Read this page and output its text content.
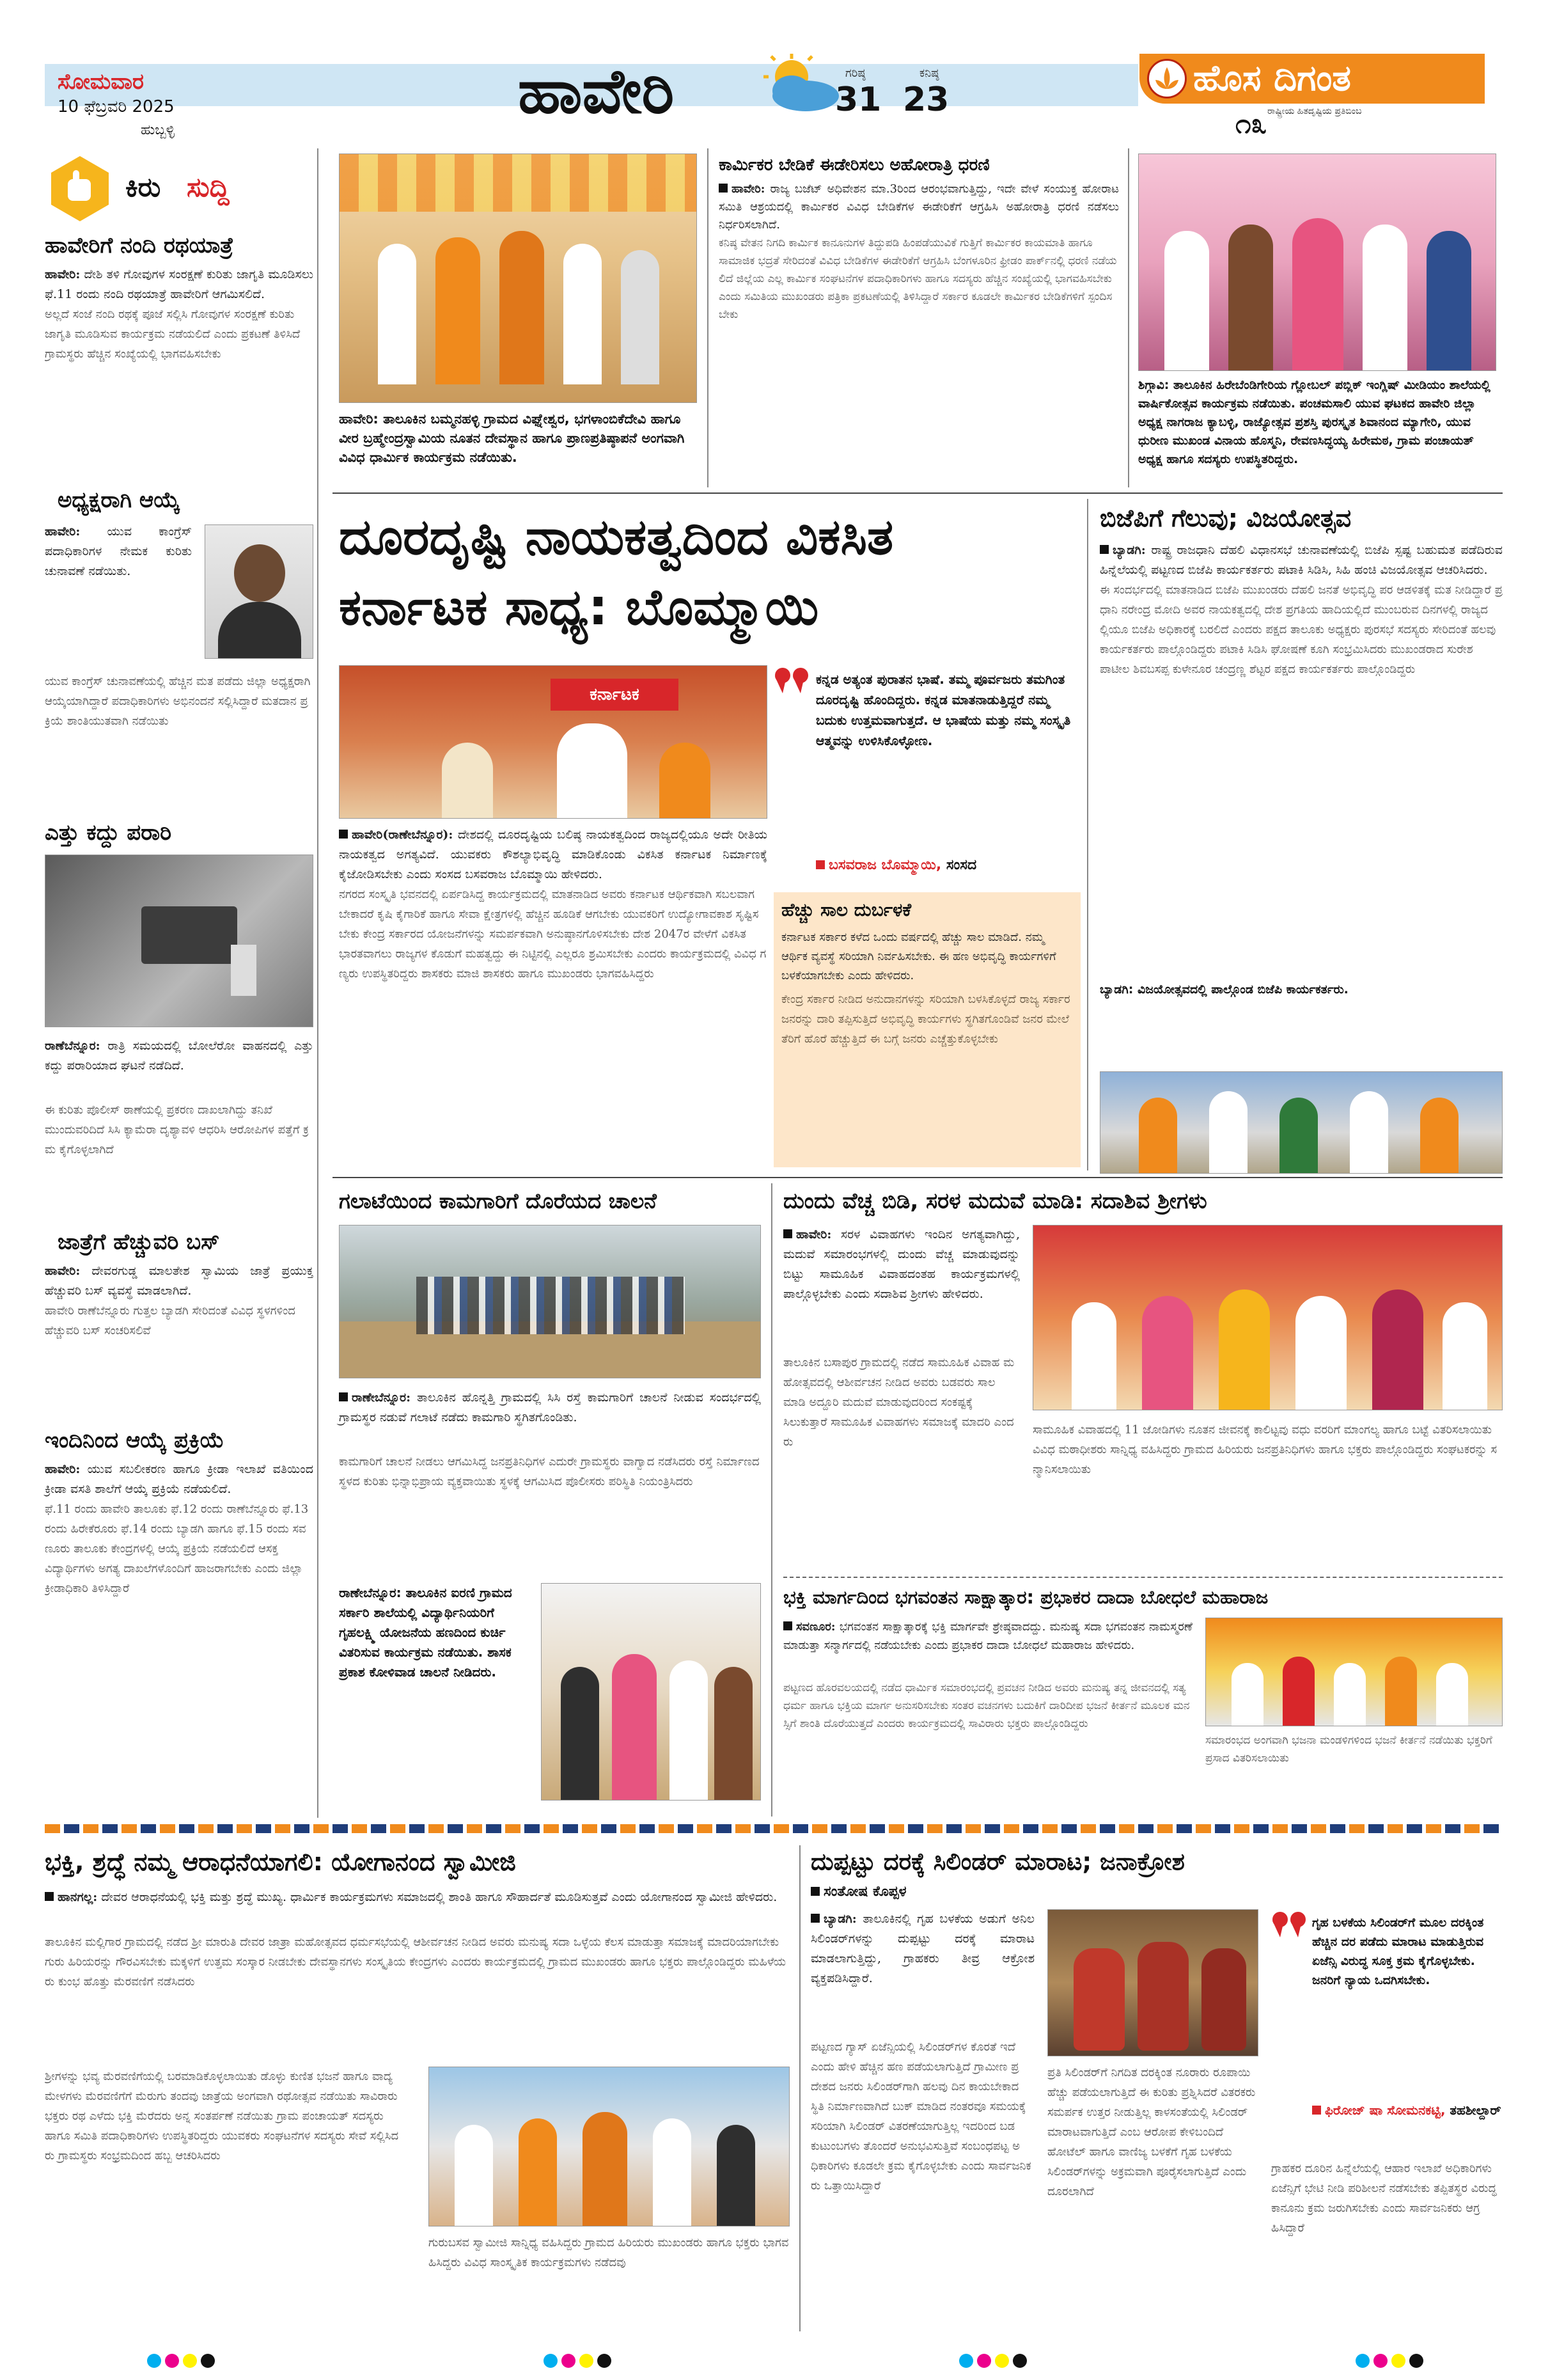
ಸೋಮವಾರ
10 ಫೆಬ್ರವರಿ 2025
ಹುಬ್ಬಳ್ಳಿ
ಹಾವೇರಿ	ಗರಿಷ್ಠ
31
ಕನಿಷ್ಠ
23
ಹೊಸ ದಿಗಂತ
ರಾಷ್ಟ್ರೀಯ ಹಿತದೃಷ್ಟಿಯ ಪ್ರತಿಬಿಂಬ
೧೩
ಕಿರು ಸುದ್ದಿ
ಹಾವೇರಿಗೆ ನಂದಿ ರಥಯಾತ್ರೆ
ಹಾವೇರಿ: ದೇಶಿ ತಳಿ ಗೋವುಗಳ ಸಂರಕ್ಷಣೆ ಕುರಿತು ಜಾಗೃತಿ ಮೂಡಿಸಲು ಫೆ.11 ರಂದು ನಂದಿ ರಥಯಾತ್ರೆ ಹಾವೇರಿಗೆ ಆಗಮಿಸಲಿದೆ.
ಅಲ್ಲದೆ ಸಂಜೆ ನಂದಿ ರಥಕ್ಕೆ ಪೂಜೆ ಸಲ್ಲಿಸಿ ಗೋವುಗಳ ಸಂರಕ್ಷಣೆ ಕುರಿತು ಜಾಗೃತಿ ಮೂಡಿಸುವ ಕಾರ್ಯಕ್ರಮ ನಡೆಯಲಿದೆ ಎಂದು ಪ್ರಕಟಣೆ ತಿಳಿಸಿದೆ ಗ್ರಾಮಸ್ಥರು ಹೆಚ್ಚಿನ ಸಂಖ್ಯೆಯಲ್ಲಿ ಭಾಗವಹಿಸಬೇಕು
ಅಧ್ಯಕ್ಷರಾಗಿ ಆಯ್ಕೆ
ಹಾವೇರಿ: ಯುವ ಕಾಂಗ್ರೆಸ್ ಪದಾಧಿಕಾರಿಗಳ ನೇಮಕ ಕುರಿತು ಚುನಾವಣೆ ನಡೆಯಿತು.
ಯುವ ಕಾಂಗ್ರೆಸ್ ಚುನಾವಣೆಯಲ್ಲಿ ಹೆಚ್ಚಿನ ಮತ ಪಡೆದು ಜಿಲ್ಲಾ ಅಧ್ಯಕ್ಷರಾಗಿ ಆಯ್ಕೆಯಾಗಿದ್ದಾರೆ ಪದಾಧಿಕಾರಿಗಳು ಅಭಿನಂದನೆ ಸಲ್ಲಿಸಿದ್ದಾರೆ ಮತದಾನ ಪ್ರಕ್ರಿಯೆ ಶಾಂತಿಯುತವಾಗಿ ನಡೆಯಿತು
ಎತ್ತು ಕದ್ದು ಪರಾರಿ
ರಾಣೆಬೆನ್ನೂರ: ರಾತ್ರಿ ಸಮಯದಲ್ಲಿ ಬೋಲೆರೋ ವಾಹನದಲ್ಲಿ ಎತ್ತು ಕದ್ದು ಪರಾರಿಯಾದ ಘಟನೆ ನಡೆದಿದೆ.
ಈ ಕುರಿತು ಪೊಲೀಸ್ ಠಾಣೆಯಲ್ಲಿ ಪ್ರಕರಣ ದಾಖಲಾಗಿದ್ದು ತನಿಖೆ ಮುಂದುವರಿದಿದೆ ಸಿಸಿ ಕ್ಯಾಮೆರಾ ದೃಶ್ಯಾವಳಿ ಆಧರಿಸಿ ಆರೋಪಿಗಳ ಪತ್ತೆಗೆ ಕ್ರಮ ಕೈಗೊಳ್ಳಲಾಗಿದೆ
ಜಾತ್ರೆಗೆ ಹೆಚ್ಚುವರಿ ಬಸ್
ಹಾವೇರಿ: ದೇವರಗುಡ್ಡ ಮಾಲತೇಶ ಸ್ವಾಮಿಯ ಜಾತ್ರೆ ಪ್ರಯುಕ್ತ ಹೆಚ್ಚುವರಿ ಬಸ್ ವ್ಯವಸ್ಥೆ ಮಾಡಲಾಗಿದೆ.
ಹಾವೇರಿ ರಾಣೆಬೆನ್ನೂರು ಗುತ್ತಲ ಬ್ಯಾಡಗಿ ಸೇರಿದಂತೆ ವಿವಿಧ ಸ್ಥಳಗಳಿಂದ ಹೆಚ್ಚುವರಿ ಬಸ್ ಸಂಚರಿಸಲಿವೆ
ಇಂದಿನಿಂದ ಆಯ್ಕೆ ಪ್ರಕ್ರಿಯೆ
ಹಾವೇರಿ: ಯುವ ಸಬಲೀಕರಣ ಹಾಗೂ ಕ್ರೀಡಾ ಇಲಾಖೆ ವತಿಯಿಂದ ಕ್ರೀಡಾ ವಸತಿ ಶಾಲೆಗೆ ಆಯ್ಕೆ ಪ್ರಕ್ರಿಯೆ ನಡೆಯಲಿದೆ.
ಫೆ.11 ರಂದು ಹಾವೇರಿ ತಾಲೂಕು ಫೆ.12 ರಂದು ರಾಣೆಬೆನ್ನೂರು ಫೆ.13 ರಂದು ಹಿರೇಕೆರೂರು ಫೆ.14 ರಂದು ಬ್ಯಾಡಗಿ ಹಾಗೂ ಫೆ.15 ರಂದು ಸವಣೂರು ತಾಲೂಕು ಕೇಂದ್ರಗಳಲ್ಲಿ ಆಯ್ಕೆ ಪ್ರಕ್ರಿಯೆ ನಡೆಯಲಿದೆ ಆಸಕ್ತ ವಿದ್ಯಾರ್ಥಿಗಳು ಅಗತ್ಯ ದಾಖಲೆಗಳೊಂದಿಗೆ ಹಾಜರಾಗಬೇಕು ಎಂದು ಜಿಲ್ಲಾ ಕ್ರೀಡಾಧಿಕಾರಿ ತಿಳಿಸಿದ್ದಾರೆ
ಹಾವೇರಿ: ತಾಲೂಕಿನ ಬಮ್ಮನಹಳ್ಳಿ ಗ್ರಾಮದ ವಿಘ್ನೇಶ್ವರ, ಭಗಳಾಂಬಿಕೆದೇವಿ ಹಾಗೂ ವೀರ ಬ್ರಹ್ಮೇಂದ್ರಸ್ವಾಮಿಯ ನೂತನ ದೇವಸ್ಥಾನ ಹಾಗೂ ಪ್ರಾಣಪ್ರತಿಷ್ಠಾಪನೆ ಅಂಗವಾಗಿ ವಿವಿಧ ಧಾರ್ಮಿಕ ಕಾರ್ಯಕ್ರಮ ನಡೆಯಿತು.
ಕಾರ್ಮಿಕರ ಬೇಡಿಕೆ ಈಡೇರಿಸಲು ಅಹೋರಾತ್ರಿ ಧರಣಿ
ಹಾವೇರಿ: ರಾಜ್ಯ ಬಜೆಟ್ ಅಧಿವೇಶನ ಮಾ.3ರಿಂದ ಆರಂಭವಾಗುತ್ತಿದ್ದು, ಇದೇ ವೇಳೆ ಸಂಯುಕ್ತ ಹೋರಾಟ ಸಮಿತಿ ಆಶ್ರಯದಲ್ಲಿ ಕಾರ್ಮಿಕರ ವಿವಿಧ ಬೇಡಿಕೆಗಳ ಈಡೇರಿಕೆಗೆ ಆಗ್ರಹಿಸಿ ಅಹೋರಾತ್ರಿ ಧರಣಿ ನಡೆಸಲು ನಿರ್ಧರಿಸಲಾಗಿದೆ.
ಕನಿಷ್ಠ ವೇತನ ನಿಗದಿ ಕಾರ್ಮಿಕ ಕಾನೂನುಗಳ ತಿದ್ದುಪಡಿ ಹಿಂಪಡೆಯುವಿಕೆ ಗುತ್ತಿಗೆ ಕಾರ್ಮಿಕರ ಕಾಯಮಾತಿ ಹಾಗೂ ಸಾಮಾಜಿಕ ಭದ್ರತೆ ಸೇರಿದಂತೆ ವಿವಿಧ ಬೇಡಿಕೆಗಳ ಈಡೇರಿಕೆಗೆ ಆಗ್ರಹಿಸಿ ಬೆಂಗಳೂರಿನ ಫ್ರೀಡಂ ಪಾರ್ಕ್‌ನಲ್ಲಿ ಧರಣಿ ನಡೆಯಲಿದೆ ಜಿಲ್ಲೆಯ ಎಲ್ಲ ಕಾರ್ಮಿಕ ಸಂಘಟನೆಗಳ ಪದಾಧಿಕಾರಿಗಳು ಹಾಗೂ ಸದಸ್ಯರು ಹೆಚ್ಚಿನ ಸಂಖ್ಯೆಯಲ್ಲಿ ಭಾಗವಹಿಸಬೇಕು ಎಂದು ಸಮಿತಿಯ ಮುಖಂಡರು ಪತ್ರಿಕಾ ಪ್ರಕಟಣೆಯಲ್ಲಿ ತಿಳಿಸಿದ್ದಾರೆ ಸರ್ಕಾರ ಕೂಡಲೇ ಕಾರ್ಮಿಕರ ಬೇಡಿಕೆಗಳಿಗೆ ಸ್ಪಂದಿಸಬೇಕು
ಶಿಗ್ಗಾವಿ: ತಾಲೂಕಿನ ಹಿರೇಬೆಂಡಿಗೇರಿಯ ಗ್ಲೋಬಲ್ ಪಬ್ಲಿಕ್ ಇಂಗ್ಲಿಷ್ ಮೀಡಿಯಂ ಶಾಲೆಯಲ್ಲಿ ವಾರ್ಷಿಕೋತ್ಸವ ಕಾರ್ಯಕ್ರಮ ನಡೆಯಿತು. ಪಂಚಮಸಾಲಿ ಯುವ ಘಟಕದ ಹಾವೇರಿ ಜಿಲ್ಲಾ ಅಧ್ಯಕ್ಷ ನಾಗರಾಜ ಕ್ಯಾಬಳ್ಳಿ, ರಾಜ್ಯೋತ್ಸವ ಪ್ರಶಸ್ತಿ ಪುರಸ್ಕೃತ ಶಿವಾನಂದ ಮ್ಯಾಗೇರಿ, ಯುವ ಧುರೀಣ ಮುಖಂಡ ವಿನಾಯ ಹೊಸ್ಮನಿ, ರೇವಣಸಿದ್ಧಯ್ಯ ಹಿರೇಮಠ, ಗ್ರಾಮ ಪಂಚಾಯತ್ ಅಧ್ಯಕ್ಷ ಹಾಗೂ ಸದಸ್ಯರು ಉಪಸ್ಥಿತರಿದ್ದರು.
ದೂರದೃಷ್ಟಿ ನಾಯಕತ್ವದಿಂದ ವಿಕಸಿತ
ಕರ್ನಾಟಕ ಸಾಧ್ಯ: ಬೊಮ್ಮಾಯಿ
ಕರ್ನಾಟಕ
ಕನ್ನಡ ಅತ್ಯಂತ ಪುರಾತನ ಭಾಷೆ. ತಮ್ಮ ಪೂರ್ವಜರು ತಮಗಿಂತ ದೂರದೃಷ್ಟಿ ಹೊಂದಿದ್ದರು. ಕನ್ನಡ ಮಾತನಾಡುತ್ತಿದ್ದರೆ ನಮ್ಮ ಬದುಕು ಉತ್ತಮವಾಗುತ್ತದೆ. ಆ ಭಾಷೆಯ ಮತ್ತು ನಮ್ಮ ಸಂಸ್ಕೃತಿ ಆತ್ಮವನ್ನು ಉಳಿಸಿಕೊಳ್ಳೋಣ.
ಬಸವರಾಜ ಬೊಮ್ಮಾಯಿ, ಸಂಸದ
ಹಾವೇರಿ(ರಾಣೇಬೆನ್ನೂರ): ದೇಶದಲ್ಲಿ ದೂರದೃಷ್ಟಿಯ ಬಲಿಷ್ಠ ನಾಯಕತ್ವದಿಂದ ರಾಜ್ಯದಲ್ಲಿಯೂ ಅದೇ ರೀತಿಯ ನಾಯಕತ್ವದ ಅಗತ್ಯವಿದೆ. ಯುವಕರು ಕೌಶಲ್ಯಾಭಿವೃದ್ಧಿ ಮಾಡಿಕೊಂಡು ವಿಕಸಿತ ಕರ್ನಾಟಕ ನಿರ್ಮಾಣಕ್ಕೆ ಕೈಜೋಡಿಸಬೇಕು ಎಂದು ಸಂಸದ ಬಸವರಾಜ ಬೊಮ್ಮಾಯಿ ಹೇಳಿದರು.
ನಗರದ ಸಂಸ್ಕೃತಿ ಭವನದಲ್ಲಿ ಏರ್ಪಡಿಸಿದ್ದ ಕಾರ್ಯಕ್ರಮದಲ್ಲಿ ಮಾತನಾಡಿದ ಅವರು ಕರ್ನಾಟಕ ಆರ್ಥಿಕವಾಗಿ ಸಬಲವಾಗಬೇಕಾದರೆ ಕೃಷಿ ಕೈಗಾರಿಕೆ ಹಾಗೂ ಸೇವಾ ಕ್ಷೇತ್ರಗಳಲ್ಲಿ ಹೆಚ್ಚಿನ ಹೂಡಿಕೆ ಆಗಬೇಕು ಯುವಕರಿಗೆ ಉದ್ಯೋಗಾವಕಾಶ ಸೃಷ್ಟಿಸಬೇಕು ಕೇಂದ್ರ ಸರ್ಕಾರದ ಯೋಜನೆಗಳನ್ನು ಸಮರ್ಪಕವಾಗಿ ಅನುಷ್ಠಾನಗೊಳಿಸಬೇಕು ದೇಶ 2047ರ ವೇಳೆಗೆ ವಿಕಸಿತ ಭಾರತವಾಗಲು ರಾಜ್ಯಗಳ ಕೊಡುಗೆ ಮಹತ್ವದ್ದು ಈ ನಿಟ್ಟಿನಲ್ಲಿ ಎಲ್ಲರೂ ಶ್ರಮಿಸಬೇಕು ಎಂದರು ಕಾರ್ಯಕ್ರಮದಲ್ಲಿ ವಿವಿಧ ಗಣ್ಯರು ಉಪಸ್ಥಿತರಿದ್ದರು ಶಾಸಕರು ಮಾಜಿ ಶಾಸಕರು ಹಾಗೂ ಮುಖಂಡರು ಭಾಗವಹಿಸಿದ್ದರು
ಹೆಚ್ಚು ಸಾಲ ದುರ್ಬಳಕೆ
ಕರ್ನಾಟಕ ಸರ್ಕಾರ ಕಳೆದ ಒಂದು ವರ್ಷದಲ್ಲಿ ಹೆಚ್ಚು ಸಾಲ ಮಾಡಿದೆ. ನಮ್ಮ ಆರ್ಥಿಕ ವ್ಯವಸ್ಥೆ ಸರಿಯಾಗಿ ನಿರ್ವಹಿಸಬೇಕು. ಈ ಹಣ ಅಭಿವೃದ್ಧಿ ಕಾರ್ಯಗಳಿಗೆ ಬಳಕೆಯಾಗಬೇಕು ಎಂದು ಹೇಳಿದರು.
ಕೇಂದ್ರ ಸರ್ಕಾರ ನೀಡಿದ ಅನುದಾನಗಳನ್ನು ಸರಿಯಾಗಿ ಬಳಸಿಕೊಳ್ಳದೆ ರಾಜ್ಯ ಸರ್ಕಾರ ಜನರನ್ನು ದಾರಿ ತಪ್ಪಿಸುತ್ತಿದೆ ಅಭಿವೃದ್ಧಿ ಕಾರ್ಯಗಳು ಸ್ಥಗಿತಗೊಂಡಿವೆ ಜನರ ಮೇಲೆ ತೆರಿಗೆ ಹೊರೆ ಹೆಚ್ಚುತ್ತಿದೆ ಈ ಬಗ್ಗೆ ಜನರು ಎಚ್ಚೆತ್ತುಕೊಳ್ಳಬೇಕು
ಬಿಜೆಪಿಗೆ ಗೆಲುವು; ವಿಜಯೋತ್ಸವ
ಬ್ಯಾಡಗಿ: ರಾಷ್ಟ್ರ ರಾಜಧಾನಿ ದೆಹಲಿ ವಿಧಾನಸಭೆ ಚುನಾವಣೆಯಲ್ಲಿ ಬಿಜೆಪಿ ಸ್ಪಷ್ಟ ಬಹುಮತ ಪಡೆದಿರುವ ಹಿನ್ನೆಲೆಯಲ್ಲಿ ಪಟ್ಟಣದ ಬಿಜೆಪಿ ಕಾರ್ಯಕರ್ತರು ಪಟಾಕಿ ಸಿಡಿಸಿ, ಸಿಹಿ ಹಂಚಿ ವಿಜಯೋತ್ಸವ ಆಚರಿಸಿದರು.
ಈ ಸಂದರ್ಭದಲ್ಲಿ ಮಾತನಾಡಿದ ಬಿಜೆಪಿ ಮುಖಂಡರು ದೆಹಲಿ ಜನತೆ ಅಭಿವೃದ್ಧಿ ಪರ ಆಡಳಿತಕ್ಕೆ ಮತ ನೀಡಿದ್ದಾರೆ ಪ್ರಧಾನಿ ನರೇಂದ್ರ ಮೋದಿ ಅವರ ನಾಯಕತ್ವದಲ್ಲಿ ದೇಶ ಪ್ರಗತಿಯ ಹಾದಿಯಲ್ಲಿದೆ ಮುಂಬರುವ ದಿನಗಳಲ್ಲಿ ರಾಜ್ಯದಲ್ಲಿಯೂ ಬಿಜೆಪಿ ಅಧಿಕಾರಕ್ಕೆ ಬರಲಿದೆ ಎಂದರು ಪಕ್ಷದ ತಾಲೂಕು ಅಧ್ಯಕ್ಷರು ಪುರಸಭೆ ಸದಸ್ಯರು ಸೇರಿದಂತೆ ಹಲವು ಕಾರ್ಯಕರ್ತರು ಪಾಲ್ಗೊಂಡಿದ್ದರು ಪಟಾಕಿ ಸಿಡಿಸಿ ಘೋಷಣೆ ಕೂಗಿ ಸಂಭ್ರಮಿಸಿದರು ಮುಖಂಡರಾದ ಸುರೇಶ ಪಾಟೀಲ ಶಿವಬಸಪ್ಪ ಕುಳೇನೂರ ಚಂದ್ರಣ್ಣ ಶೆಟ್ಟರ ಪಕ್ಷದ ಕಾರ್ಯಕರ್ತರು ಪಾಲ್ಗೊಂಡಿದ್ದರು
ಬ್ಯಾಡಗಿ: ವಿಜಯೋತ್ಸವದಲ್ಲಿ ಪಾಲ್ಗೊಂಡ ಬಿಜೆಪಿ ಕಾರ್ಯಕರ್ತರು.
ಗಲಾಟೆಯಿಂದ ಕಾಮಗಾರಿಗೆ ದೊರೆಯದ ಚಾಲನೆ
ರಾಣೇಬೆನ್ನೂರ: ತಾಲೂಕಿನ ಹೊನ್ನತ್ತಿ ಗ್ರಾಮದಲ್ಲಿ ಸಿಸಿ ರಸ್ತೆ ಕಾಮಗಾರಿಗೆ ಚಾಲನೆ ನೀಡುವ ಸಂದರ್ಭದಲ್ಲಿ ಗ್ರಾಮಸ್ಥರ ನಡುವೆ ಗಲಾಟೆ ನಡೆದು ಕಾಮಗಾರಿ ಸ್ಥಗಿತಗೊಂಡಿತು.
ಕಾಮಗಾರಿಗೆ ಚಾಲನೆ ನೀಡಲು ಆಗಮಿಸಿದ್ದ ಜನಪ್ರತಿನಿಧಿಗಳ ಎದುರೇ ಗ್ರಾಮಸ್ಥರು ವಾಗ್ವಾದ ನಡೆಸಿದರು ರಸ್ತೆ ನಿರ್ಮಾಣದ ಸ್ಥಳದ ಕುರಿತು ಭಿನ್ನಾಭಿಪ್ರಾಯ ವ್ಯಕ್ತವಾಯಿತು ಸ್ಥಳಕ್ಕೆ ಆಗಮಿಸಿದ ಪೊಲೀಸರು ಪರಿಸ್ಥಿತಿ ನಿಯಂತ್ರಿಸಿದರು
ರಾಣೇಬೆನ್ನೂರ: ತಾಲೂಕಿನ ಐರಣಿ ಗ್ರಾಮದ ಸರ್ಕಾರಿ ಶಾಲೆಯಲ್ಲಿ ವಿದ್ಯಾರ್ಥಿನಿಯರಿಗೆ ಗೃಹಲಕ್ಷ್ಮಿ ಯೋಜನೆಯ ಹಣದಿಂದ ಕುರ್ಚಿ ವಿತರಿಸುವ ಕಾರ್ಯಕ್ರಮ ನಡೆಯಿತು. ಶಾಸಕ ಪ್ರಕಾಶ ಕೋಳಿವಾಡ ಚಾಲನೆ ನೀಡಿದರು.
ದುಂದು ವೆಚ್ಚ ಬಿಡಿ, ಸರಳ ಮದುವೆ ಮಾಡಿ: ಸದಾಶಿವ ಶ್ರೀಗಳು
ಹಾವೇರಿ: ಸರಳ ವಿವಾಹಗಳು ಇಂದಿನ ಅಗತ್ಯವಾಗಿದ್ದು, ಮದುವೆ ಸಮಾರಂಭಗಳಲ್ಲಿ ದುಂದು ವೆಚ್ಚ ಮಾಡುವುದನ್ನು ಬಿಟ್ಟು ಸಾಮೂಹಿಕ ವಿವಾಹದಂತಹ ಕಾರ್ಯಕ್ರಮಗಳಲ್ಲಿ ಪಾಲ್ಗೊಳ್ಳಬೇಕು ಎಂದು ಸದಾಶಿವ ಶ್ರೀಗಳು ಹೇಳಿದರು.
ತಾಲೂಕಿನ ಬಸಾಪುರ ಗ್ರಾಮದಲ್ಲಿ ನಡೆದ ಸಾಮೂಹಿಕ ವಿವಾಹ ಮಹೋತ್ಸವದಲ್ಲಿ ಆಶೀರ್ವಚನ ನೀಡಿದ ಅವರು ಬಡವರು ಸಾಲ ಮಾಡಿ ಅದ್ದೂರಿ ಮದುವೆ ಮಾಡುವುದರಿಂದ ಸಂಕಷ್ಟಕ್ಕೆ ಸಿಲುಕುತ್ತಾರೆ ಸಾಮೂಹಿಕ ವಿವಾಹಗಳು ಸಮಾಜಕ್ಕೆ ಮಾದರಿ ಎಂದರು
ಸಾಮೂಹಿಕ ವಿವಾಹದಲ್ಲಿ 11 ಜೋಡಿಗಳು ನೂತನ ಜೀವನಕ್ಕೆ ಕಾಲಿಟ್ಟವು ವಧು ವರರಿಗೆ ಮಾಂಗಲ್ಯ ಹಾಗೂ ಬಟ್ಟೆ ವಿತರಿಸಲಾಯಿತು ವಿವಿಧ ಮಠಾಧೀಶರು ಸಾನ್ನಿಧ್ಯ ವಹಿಸಿದ್ದರು ಗ್ರಾಮದ ಹಿರಿಯರು ಜನಪ್ರತಿನಿಧಿಗಳು ಹಾಗೂ ಭಕ್ತರು ಪಾಲ್ಗೊಂಡಿದ್ದರು ಸಂಘಟಕರನ್ನು ಸನ್ಮಾನಿಸಲಾಯಿತು
ಭಕ್ತಿ ಮಾರ್ಗದಿಂದ ಭಗವಂತನ ಸಾಕ್ಷಾತ್ಕಾರ: ಪ್ರಭಾಕರ ದಾದಾ ಬೋಧಲೆ ಮಹಾರಾಜ
ಸವಣೂರ: ಭಗವಂತನ ಸಾಕ್ಷಾತ್ಕಾರಕ್ಕೆ ಭಕ್ತಿ ಮಾರ್ಗವೇ ಶ್ರೇಷ್ಠವಾದದ್ದು. ಮನುಷ್ಯ ಸದಾ ಭಗವಂತನ ನಾಮಸ್ಮರಣೆ ಮಾಡುತ್ತಾ ಸನ್ಮಾರ್ಗದಲ್ಲಿ ನಡೆಯಬೇಕು ಎಂದು ಪ್ರಭಾಕರ ದಾದಾ ಬೋಧಲೆ ಮಹಾರಾಜ ಹೇಳಿದರು.
ಪಟ್ಟಣದ ಹೊರವಲಯದಲ್ಲಿ ನಡೆದ ಧಾರ್ಮಿಕ ಸಮಾರಂಭದಲ್ಲಿ ಪ್ರವಚನ ನೀಡಿದ ಅವರು ಮನುಷ್ಯ ತನ್ನ ಜೀವನದಲ್ಲಿ ಸತ್ಯ ಧರ್ಮ ಹಾಗೂ ಭಕ್ತಿಯ ಮಾರ್ಗ ಅನುಸರಿಸಬೇಕು ಸಂತರ ವಚನಗಳು ಬದುಕಿಗೆ ದಾರಿದೀಪ ಭಜನೆ ಕೀರ್ತನೆ ಮೂಲಕ ಮನಸ್ಸಿಗೆ ಶಾಂತಿ ದೊರೆಯುತ್ತದೆ ಎಂದರು ಕಾರ್ಯಕ್ರಮದಲ್ಲಿ ಸಾವಿರಾರು ಭಕ್ತರು ಪಾಲ್ಗೊಂಡಿದ್ದರು
ಸಮಾರಂಭದ ಅಂಗವಾಗಿ ಭಜನಾ ಮಂಡಳಿಗಳಿಂದ ಭಜನೆ ಕೀರ್ತನೆ ನಡೆಯಿತು ಭಕ್ತರಿಗೆ ಪ್ರಸಾದ ವಿತರಿಸಲಾಯಿತು
ಭಕ್ತಿ, ಶ್ರದ್ಧೆ ನಮ್ಮ ಆರಾಧನೆಯಾಗಲಿ: ಯೋಗಾನಂದ ಸ್ವಾಮೀಜಿ
ಹಾನಗಲ್ಲ: ದೇವರ ಆರಾಧನೆಯಲ್ಲಿ ಭಕ್ತಿ ಮತ್ತು ಶ್ರದ್ಧೆ ಮುಖ್ಯ. ಧಾರ್ಮಿಕ ಕಾರ್ಯಕ್ರಮಗಳು ಸಮಾಜದಲ್ಲಿ ಶಾಂತಿ ಹಾಗೂ ಸೌಹಾರ್ದತೆ ಮೂಡಿಸುತ್ತವೆ ಎಂದು ಯೋಗಾನಂದ ಸ್ವಾಮೀಜಿ ಹೇಳಿದರು.
ತಾಲೂಕಿನ ಮಲ್ಲಿಗಾರ ಗ್ರಾಮದಲ್ಲಿ ನಡೆದ ಶ್ರೀ ಮಾರುತಿ ದೇವರ ಜಾತ್ರಾ ಮಹೋತ್ಸವದ ಧರ್ಮಸಭೆಯಲ್ಲಿ ಆಶೀರ್ವಚನ ನೀಡಿದ ಅವರು ಮನುಷ್ಯ ಸದಾ ಒಳ್ಳೆಯ ಕೆಲಸ ಮಾಡುತ್ತಾ ಸಮಾಜಕ್ಕೆ ಮಾದರಿಯಾಗಬೇಕು ಗುರು ಹಿರಿಯರನ್ನು ಗೌರವಿಸಬೇಕು ಮಕ್ಕಳಿಗೆ ಉತ್ತಮ ಸಂಸ್ಕಾರ ನೀಡಬೇಕು ದೇವಸ್ಥಾನಗಳು ಸಂಸ್ಕೃತಿಯ ಕೇಂದ್ರಗಳು ಎಂದರು ಕಾರ್ಯಕ್ರಮದಲ್ಲಿ ಗ್ರಾಮದ ಮುಖಂಡರು ಹಾಗೂ ಭಕ್ತರು ಪಾಲ್ಗೊಂಡಿದ್ದರು ಮಹಿಳೆಯರು ಕುಂಭ ಹೊತ್ತು ಮೆರವಣಿಗೆ ನಡೆಸಿದರು
ಶ್ರೀಗಳನ್ನು ಭವ್ಯ ಮೆರವಣಿಗೆಯಲ್ಲಿ ಬರಮಾಡಿಕೊಳ್ಳಲಾಯಿತು ಡೊಳ್ಳು ಕುಣಿತ ಭಜನೆ ಹಾಗೂ ವಾದ್ಯ ಮೇಳಗಳು ಮೆರವಣಿಗೆಗೆ ಮೆರುಗು ತಂದವು ಜಾತ್ರೆಯ ಅಂಗವಾಗಿ ರಥೋತ್ಸವ ನಡೆಯಿತು ಸಾವಿರಾರು ಭಕ್ತರು ರಥ ಎಳೆದು ಭಕ್ತಿ ಮೆರೆದರು ಅನ್ನ ಸಂತರ್ಪಣೆ ನಡೆಯಿತು ಗ್ರಾಮ ಪಂಚಾಯತ್ ಸದಸ್ಯರು ಹಾಗೂ ಸಮಿತಿ ಪದಾಧಿಕಾರಿಗಳು ಉಪಸ್ಥಿತರಿದ್ದರು ಯುವಕರು ಸಂಘಟನೆಗಳ ಸದಸ್ಯರು ಸೇವೆ ಸಲ್ಲಿಸಿದರು ಗ್ರಾಮಸ್ಥರು ಸಂಭ್ರಮದಿಂದ ಹಬ್ಬ ಆಚರಿಸಿದರು
ಗುರುಬಸವ ಸ್ವಾಮೀಜಿ ಸಾನ್ನಿಧ್ಯ ವಹಿಸಿದ್ದರು ಗ್ರಾಮದ ಹಿರಿಯರು ಮುಖಂಡರು ಹಾಗೂ ಭಕ್ತರು ಭಾಗವಹಿಸಿದ್ದರು ವಿವಿಧ ಸಾಂಸ್ಕೃತಿಕ ಕಾರ್ಯಕ್ರಮಗಳು ನಡೆದವು
ದುಪ್ಪಟ್ಟು ದರಕ್ಕೆ ಸಿಲಿಂಡರ್ ಮಾರಾಟ; ಜನಾಕ್ರೋಶ
ಸಂತೋಷ ಕೊಪ್ಪಳ
ಬ್ಯಾಡಗಿ: ತಾಲೂಕಿನಲ್ಲಿ ಗೃಹ ಬಳಕೆಯ ಅಡುಗೆ ಅನಿಲ ಸಿಲಿಂಡರ್‌ಗಳನ್ನು ದುಪ್ಪಟ್ಟು ದರಕ್ಕೆ ಮಾರಾಟ ಮಾಡಲಾಗುತ್ತಿದ್ದು, ಗ್ರಾಹಕರು ತೀವ್ರ ಆಕ್ರೋಶ ವ್ಯಕ್ತಪಡಿಸಿದ್ದಾರೆ.
ಪಟ್ಟಣದ ಗ್ಯಾಸ್ ಏಜೆನ್ಸಿಯಲ್ಲಿ ಸಿಲಿಂಡರ್‌ಗಳ ಕೊರತೆ ಇದೆ ಎಂದು ಹೇಳಿ ಹೆಚ್ಚಿನ ಹಣ ಪಡೆಯಲಾಗುತ್ತಿದೆ ಗ್ರಾಮೀಣ ಪ್ರದೇಶದ ಜನರು ಸಿಲಿಂಡರ್‌ಗಾಗಿ ಹಲವು ದಿನ ಕಾಯಬೇಕಾದ ಸ್ಥಿತಿ ನಿರ್ಮಾಣವಾಗಿದೆ ಬುಕ್ ಮಾಡಿದ ನಂತರವೂ ಸಮಯಕ್ಕೆ ಸರಿಯಾಗಿ ಸಿಲಿಂಡರ್ ವಿತರಣೆಯಾಗುತ್ತಿಲ್ಲ ಇದರಿಂದ ಬಡ ಕುಟುಂಬಗಳು ತೊಂದರೆ ಅನುಭವಿಸುತ್ತಿವೆ ಸಂಬಂಧಪಟ್ಟ ಅಧಿಕಾರಿಗಳು ಕೂಡಲೇ ಕ್ರಮ ಕೈಗೊಳ್ಳಬೇಕು ಎಂದು ಸಾರ್ವಜನಿಕರು ಒತ್ತಾಯಿಸಿದ್ದಾರೆ
ಪ್ರತಿ ಸಿಲಿಂಡರ್‌ಗೆ ನಿಗದಿತ ದರಕ್ಕಿಂತ ನೂರಾರು ರೂಪಾಯಿ ಹೆಚ್ಚು ಪಡೆಯಲಾಗುತ್ತಿದೆ ಈ ಕುರಿತು ಪ್ರಶ್ನಿಸಿದರೆ ವಿತರಕರು ಸಮರ್ಪಕ ಉತ್ತರ ನೀಡುತ್ತಿಲ್ಲ ಕಾಳಸಂತೆಯಲ್ಲಿ ಸಿಲಿಂಡರ್ ಮಾರಾಟವಾಗುತ್ತಿದೆ ಎಂಬ ಆರೋಪ ಕೇಳಿಬಂದಿದೆ ಹೋಟೆಲ್ ಹಾಗೂ ವಾಣಿಜ್ಯ ಬಳಕೆಗೆ ಗೃಹ ಬಳಕೆಯ ಸಿಲಿಂಡರ್‌ಗಳನ್ನು ಅಕ್ರಮವಾಗಿ ಪೂರೈಸಲಾಗುತ್ತಿದೆ ಎಂದು ದೂರಲಾಗಿದೆ
ಗೃಹ ಬಳಕೆಯ ಸಿಲಿಂಡರ್‌ಗೆ ಮೂಲ ದರಕ್ಕಿಂತ ಹೆಚ್ಚಿನ ದರ ಪಡೆದು ಮಾರಾಟ ಮಾಡುತ್ತಿರುವ ಏಜೆನ್ಸಿ ವಿರುದ್ಧ ಸೂಕ್ತ ಕ್ರಮ ಕೈಗೊಳ್ಳಬೇಕು. ಜನರಿಗೆ ನ್ಯಾಯ ಒದಗಿಸಬೇಕು.
ಫಿರೋಜ್ ಷಾ ಸೋಮನಕಟ್ಟಿ, ತಹಶೀಲ್ದಾರ್
ಗ್ರಾಹಕರ ದೂರಿನ ಹಿನ್ನೆಲೆಯಲ್ಲಿ ಆಹಾರ ಇಲಾಖೆ ಅಧಿಕಾರಿಗಳು ಏಜೆನ್ಸಿಗೆ ಭೇಟಿ ನೀಡಿ ಪರಿಶೀಲನೆ ನಡೆಸಬೇಕು ತಪ್ಪಿತಸ್ಥರ ವಿರುದ್ಧ ಕಾನೂನು ಕ್ರಮ ಜರುಗಿಸಬೇಕು ಎಂದು ಸಾರ್ವಜನಿಕರು ಆಗ್ರಹಿಸಿದ್ದಾರೆ
